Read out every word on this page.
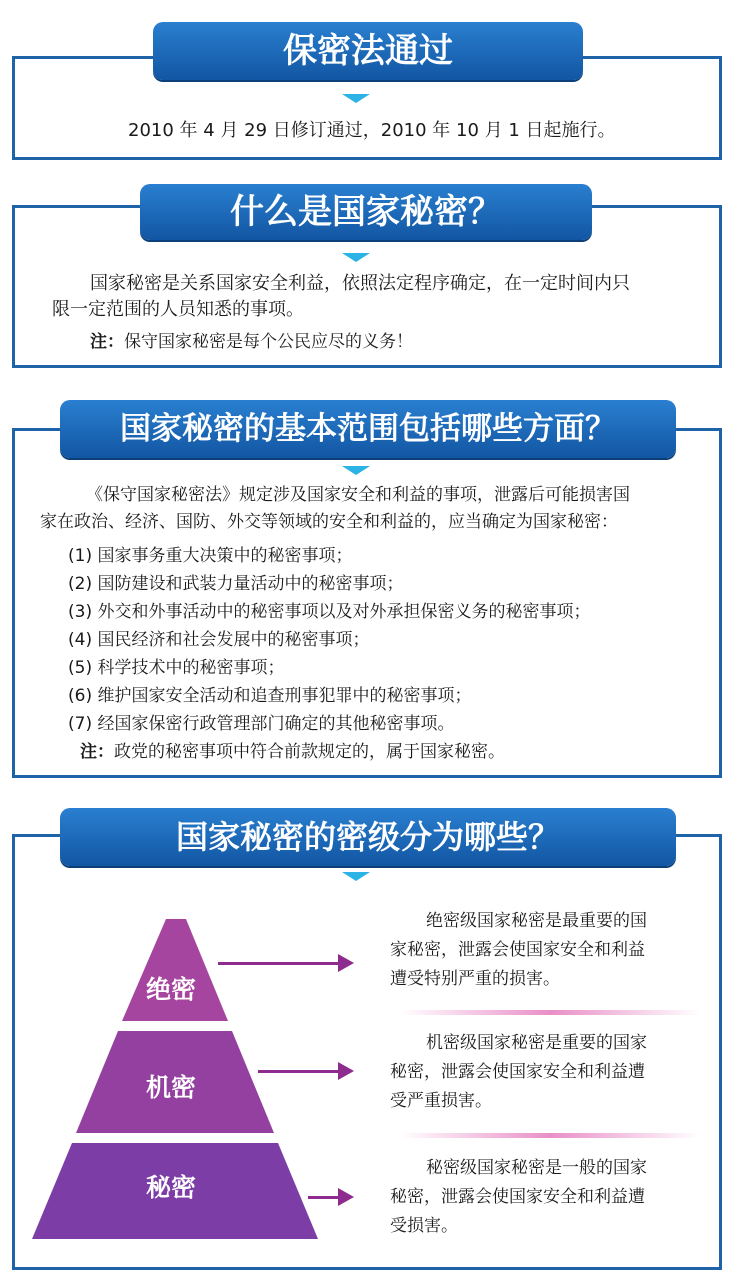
保密法通过
2010 年 4 月 29 日修订通过，2010 年 10 月 1 日起施行。
什么是国家秘密？
国家秘密是关系国家安全利益，依照法定程序确定，在一定时间内只
限一定范围的人员知悉的事项。
注：保守国家秘密是每个公民应尽的义务！
国家秘密的基本范围包括哪些方面？
《保守国家秘密法》规定涉及国家安全和利益的事项，泄露后可能损害国
家在政治、经济、国防、外交等领域的安全和利益的，应当确定为国家秘密：
(1) 国家事务重大决策中的秘密事项；
(2) 国防建设和武装力量活动中的秘密事项；
(3) 外交和外事活动中的秘密事项以及对外承担保密义务的秘密事项；
(4) 国民经济和社会发展中的秘密事项；
(5) 科学技术中的秘密事项；
(6) 维护国家安全活动和追查刑事犯罪中的秘密事项；
(7) 经国家保密行政管理部门确定的其他秘密事项。
注：政党的秘密事项中符合前款规定的，属于国家秘密。
国家秘密的密级分为哪些？
绝密
机密
秘密
绝密级国家秘密是最重要的国
家秘密，泄露会使国家安全和利益
遭受特别严重的损害。
机密级国家秘密是重要的国家
秘密，泄露会使国家安全和利益遭
受严重损害。
秘密级国家秘密是一般的国家
秘密，泄露会使国家安全和利益遭
受损害。
